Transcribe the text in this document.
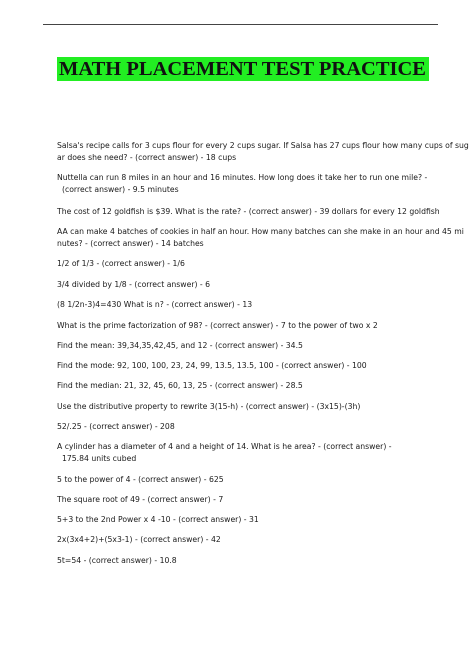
MATH PLACEMENT TEST PRACTICE

Salsa's recipe calls for 3 cups flour for every 2 cups sugar. If Salsa has 27 cups flour how many cups of sug
ar does she need? - (correct answer) - 18 cups

Nuttella can run 8 miles in an hour and 16 minutes. How long does it take her to run one mile? -
(correct answer) - 9.5 minutes

The cost of 12 goldfish is $39. What is the rate? - (correct answer) - 39 dollars for every 12 goldfish

AA can make 4 batches of cookies in half an hour. How many batches can she make in an hour and 45 mi
nutes? - (correct answer) - 14 batches

1/2 of 1/3 - (correct answer) - 1/6

3/4 divided by 1/8 - (correct answer) - 6

(8 1/2n-3)4=430 What is n? - (correct answer) - 13

What is the prime factorization of 98? - (correct answer) - 7 to the power of two x 2

Find the mean: 39,34,35,42,45, and 12 - (correct answer) - 34.5

Find the mode: 92, 100, 100, 23, 24, 99, 13.5, 13.5, 100 - (correct answer) - 100

Find the median: 21, 32, 45, 60, 13, 25 - (correct answer) - 28.5

Use the distributive property to rewrite 3(15-h) - (correct answer) - (3x15)-(3h)

52/.25 - (correct answer) - 208

A cylinder has a diameter of 4 and a height of 14. What is he area? - (correct answer) -
175.84 units cubed

5 to the power of 4 - (correct answer) - 625

The square root of 49 - (correct answer) - 7

5+3 to the 2nd Power x 4 -10 - (correct answer) - 31

2x(3x4+2)+(5x3-1) - (correct answer) - 42

5t=54 - (correct answer) - 10.8
